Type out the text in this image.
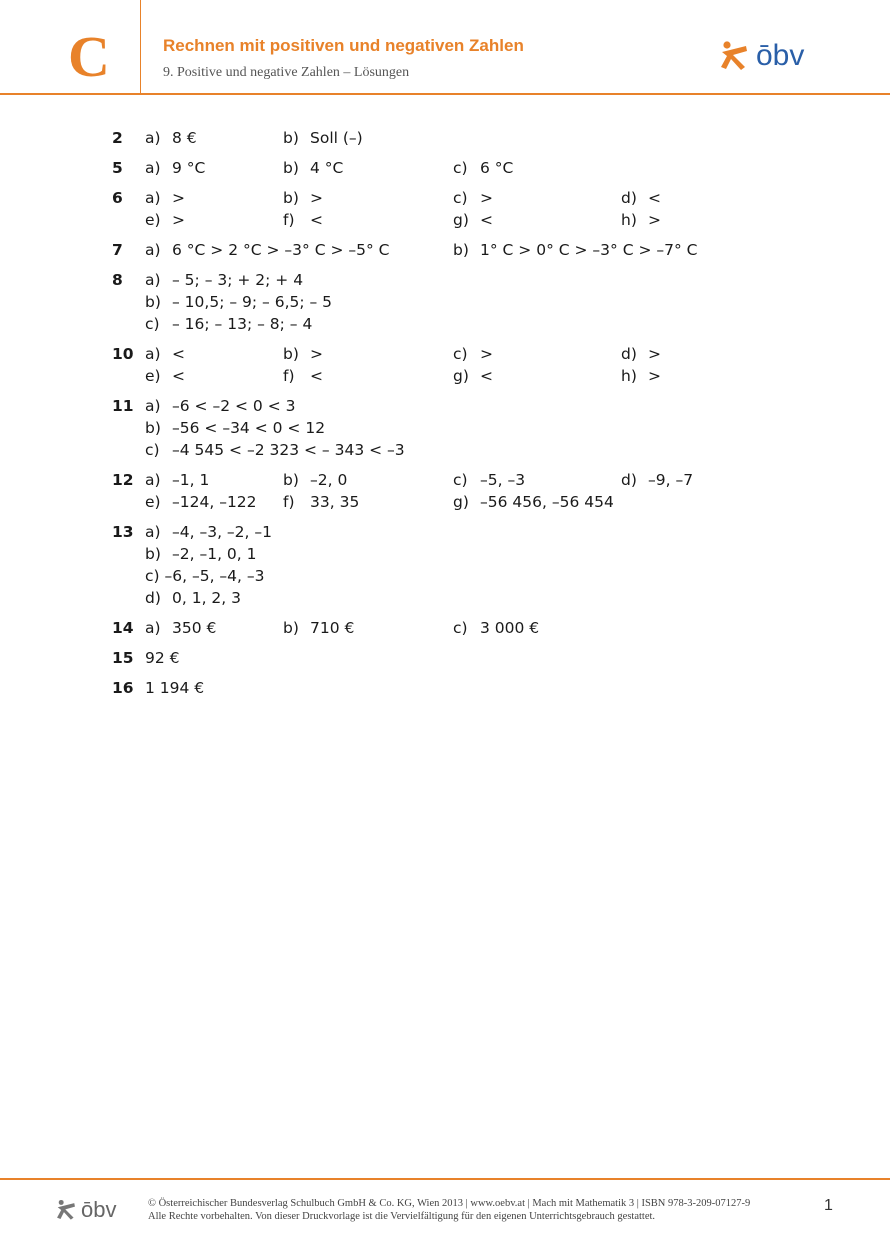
C	Rechnen mit positiven und negativen Zahlen
9. Positive und negative Zahlen – Lösungen
ōbv
2 a) 8 €	b) Soll (–)
5 a) 9 °C	b) 4 °C	c) 6 °C
6 a) >	b) >	c) >	d) <
e) >	f) <	g) <	h) >
7 a) 6 °C > 2 °C > –3° C > –5° C	b) 1° C > 0° C > –3° C > –7° C
8 a) – 5; – 3; + 2; + 4
b) – 10,5; – 9; – 6,5; – 5
c) – 16; – 13; – 8; – 4
10 a) <	b) >	c) >	d) >
e) <	f) <	g) <	h) >
11 a) –6 < –2 < 0 < 3
b) –56 < –34 < 0 < 12
c) –4 545 < –2 323 < – 343 < –3
12 a) –1, 1	b) –2, 0	c) –5, –3	d) –9, –7
e) –124, –122 f) 33, 35	g) –56 456, –56 454
13 a) –4, –3, –2, –1
b) –2, –1, 0, 1
c) –6, –5, –4, –3
d) 0, 1, 2, 3
14 a) 350 €	b) 710 €	c) 3 000 €
15 92 €
16 1 194 €
ōbv	© Österreichischer Bundesverlag Schulbuch GmbH & Co. KG, Wien 2013 | www.oebv.at | Mach mit Mathematik 3 | ISBN 978-3-209-07127-9
Alle Rechte vorbehalten. Von dieser Druckvorlage ist die Vervielfältigung für den eigenen Unterrichtsgebrauch gestattet.
1
